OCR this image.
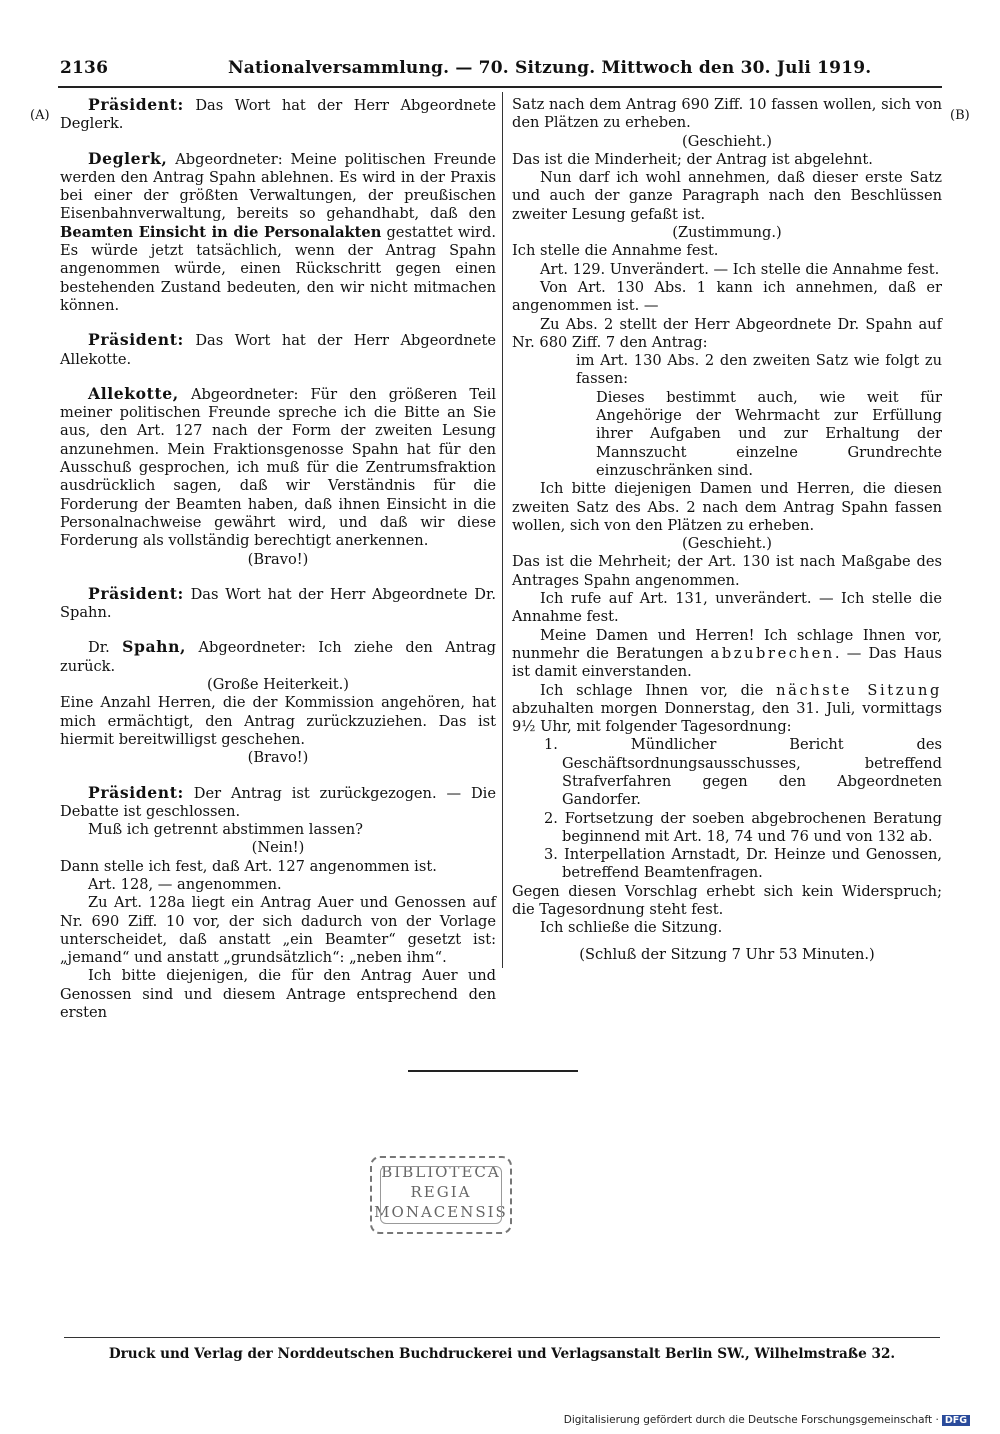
2136	Nationalversammlung. — 70. Sitzung. Mittwoch den 30. Juli 1919.
(A)	(B)

Präsident: Das Wort hat der Herr Abgeordnete Deglerk.

Deglerk, Abgeordneter: Meine politischen Freunde werden den Antrag Spahn ablehnen. Es wird in der Praxis bei einer der größten Verwaltungen, der preußischen Eisenbahnverwaltung, bereits so gehandhabt, daß den Beamten Einsicht in die Personalakten gestattet wird. Es würde jetzt tatsächlich, wenn der Antrag Spahn angenommen würde, einen Rückschritt gegen einen bestehenden Zustand bedeuten, den wir nicht mitmachen können.

Präsident: Das Wort hat der Herr Abgeordnete Allekotte.

Allekotte, Abgeordneter: Für den größeren Teil meiner politischen Freunde spreche ich die Bitte an Sie aus, den Art. 127 nach der Form der zweiten Lesung anzunehmen. Mein Fraktionsgenosse Spahn hat für den Ausschuß gesprochen, ich muß für die Zentrumsfraktion ausdrücklich sagen, daß wir Verständnis für die Forderung der Beamten haben, daß ihnen Einsicht in die Personalnachweise gewährt wird, und daß wir diese Forderung als vollständig berechtigt anerkennen.

(Bravo!)

Präsident: Das Wort hat der Herr Abgeordnete Dr. Spahn.

Dr. Spahn, Abgeordneter: Ich ziehe den Antrag zurück.

(Große Heiterkeit.)

Eine Anzahl Herren, die der Kommission angehören, hat mich ermächtigt, den Antrag zurückzuziehen. Das ist hiermit bereitwilligst geschehen.

(Bravo!)

Präsident: Der Antrag ist zurückgezogen. — Die Debatte ist geschlossen.

Muß ich getrennt abstimmen lassen?

(Nein!)

Dann stelle ich fest, daß Art. 127 angenommen ist.

Art. 128, — angenommen.

Zu Art. 128a liegt ein Antrag Auer und Genossen auf Nr. 690 Ziff. 10 vor, der sich dadurch von der Vorlage unterscheidet, daß anstatt „ein Beamter“ gesetzt ist: „jemand“ und anstatt „grundsätzlich“: „neben ihm“.

Ich bitte diejenigen, die für den Antrag Auer und Genossen sind und diesem Antrage entsprechend den ersten

Satz nach dem Antrag 690 Ziff. 10 fassen wollen, sich von den Plätzen zu erheben.

(Geschieht.)

Das ist die Minderheit; der Antrag ist abgelehnt.

Nun darf ich wohl annehmen, daß dieser erste Satz und auch der ganze Paragraph nach den Beschlüssen zweiter Lesung gefaßt ist.

(Zustimmung.)

Ich stelle die Annahme fest.

Art. 129. Unverändert. — Ich stelle die Annahme fest.

Von Art. 130 Abs. 1 kann ich annehmen, daß er angenommen ist. —

Zu Abs. 2 stellt der Herr Abgeordnete Dr. Spahn auf Nr. 680 Ziff. 7 den Antrag:

im Art. 130 Abs. 2 den zweiten Satz wie folgt zu fassen:

Dieses bestimmt auch, wie weit für Angehörige der Wehrmacht zur Erfüllung ihrer Aufgaben und zur Erhaltung der Mannszucht einzelne Grundrechte einzuschränken sind.

Ich bitte diejenigen Damen und Herren, die diesen zweiten Satz des Abs. 2 nach dem Antrag Spahn fassen wollen, sich von den Plätzen zu erheben.

(Geschieht.)

Das ist die Mehrheit; der Art. 130 ist nach Maßgabe des Antrages Spahn angenommen.

Ich rufe auf Art. 131, unverändert. — Ich stelle die Annahme fest.

Meine Damen und Herren! Ich schlage Ihnen vor, nunmehr die Beratungen abzubrechen. — Das Haus ist damit einverstanden.

Ich schlage Ihnen vor, die nächste Sitzung abzuhalten morgen Donnerstag, den 31. Juli, vormittags 9½ Uhr, mit folgender Tagesordnung:

1. Mündlicher Bericht des Geschäftsordnungsausschusses, betreffend Strafverfahren gegen den Abgeordneten Gandorfer.

2. Fortsetzung der soeben abgebrochenen Beratung beginnend mit Art. 18, 74 und 76 und von 132 ab.

3. Interpellation Arnstadt, Dr. Heinze und Genossen, betreffend Beamtenfragen.

Gegen diesen Vorschlag erhebt sich kein Widerspruch; die Tagesordnung steht fest.

Ich schließe die Sitzung.

(Schluß der Sitzung 7 Uhr 53 Minuten.)

BIBLIOTECA
REGIA
MONACENSIS
Druck und Verlag der Norddeutschen Buchdruckerei und Verlagsanstalt Berlin SW., Wilhelmstraße 32.
Digitalisierung gefördert durch die Deutsche Forschungsgemeinschaft · DFG
